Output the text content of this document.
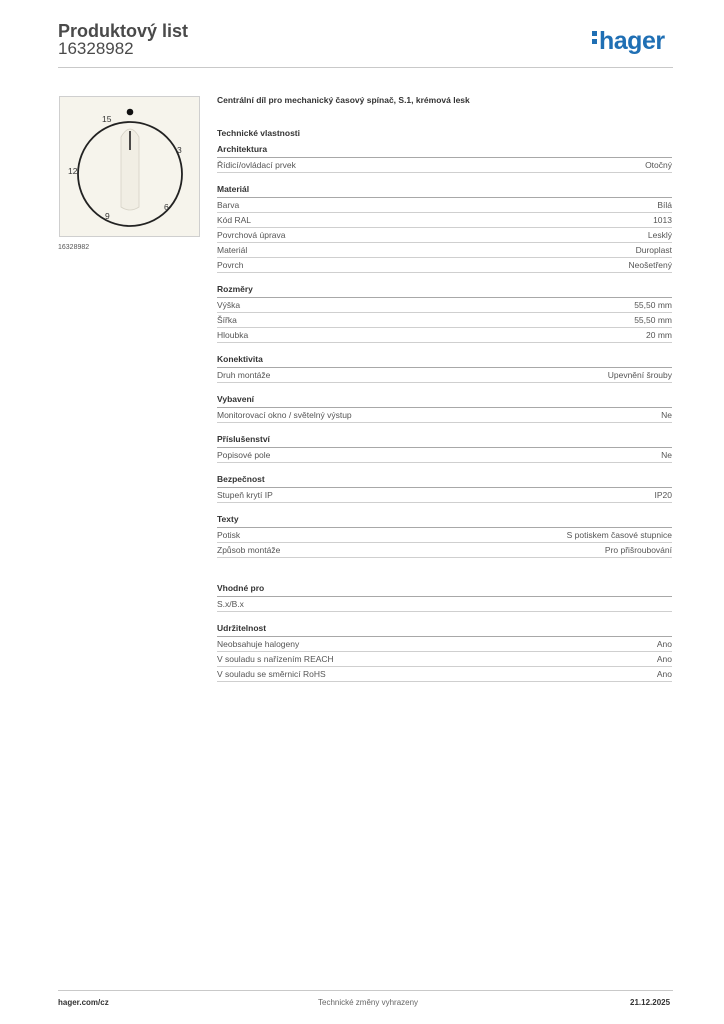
Produktový list
16328982	hager
15
3
12
6
9
16328982
Centrální díl pro mechanický časový spínač, S.1, krémová lesk
Technické vlastnosti
Architektura
Řídicí/ovládací prvek	Otočný
Materiál
Barva	Bílá
Kód RAL	1013
Povrchová úprava	Lesklý
Materiál	Duroplast
Povrch	Neošetřený
Rozměry
Výška	55,50 mm
Šířka	55,50 mm
Hloubka	20 mm
Konektivita
Druh montáže	Upevnění šrouby
Vybavení
Monitorovací okno / světelný výstup	Ne
Příslušenství
Popisové pole	Ne
Bezpečnost
Stupeň krytí IP	IP20
Texty
Potisk	S potiskem časové stupnice
Způsob montáže	Pro přišroubování
Vhodné pro
S.x/B.x
Udržitelnost
Neobsahuje halogeny	Ano
V souladu s nařízením REACH	Ano
V souladu se směrnicí RoHS	Ano
hager.com/cz	Technické změny vyhrazeny	21.12.2025
